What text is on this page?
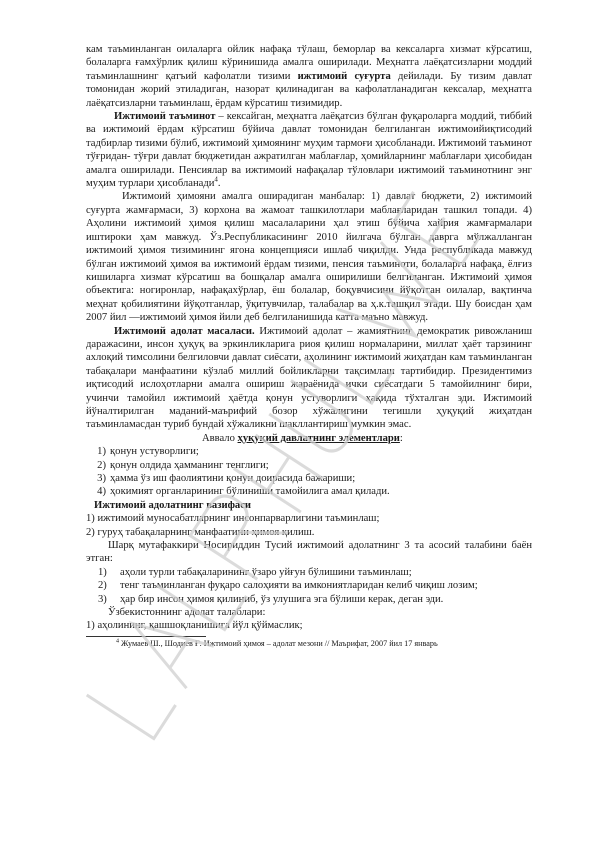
кам таъминланган оилаларга ойлик нафақа тўлаш, беморлар ва кексаларга хизмат кўрсатиш, болаларга ғамхўрлик қилиш кўринишида амалга оширилади. Меҳнатга лаёқатсизларни моддий таъминлашнинг қатъий кафолатли тизими ижтимоий суғурта дейилади. Бу тизим давлат томонидан жорий этиладиган, назорат қилинадиган ва кафолатланадиган кексалар, меҳнатга лаёқатсизларни таъминлаш, ёрдам кўрсатиш тизимидир.

Ижтимоий таъминот – кексайган, меҳнатга лаёқатсиз бўлган фуқароларга моддий, тиббий ва ижтимоий ёрдам кўрсатиш бўйича давлат томонидан белгиланган ижтимоийиқтисодий тадбирлар тизими бўлиб, ижтимоий ҳимоянинг муҳим тармоғи ҳисобланади. Ижтимоий таъминот тўғридан- тўғри давлат бюджетидан ажратилган маблағлар, ҳомийларнинг маблағлари ҳисобидан амалга оширилади. Пенсиялар ва ижтимоий нафақалар тўловлари ижтимоий таъминотнинг энг муҳим турлари ҳисобланади$^4$.

Ижтимоий ҳимояни амалга оширадиган манбалар: 1) давлат бюджети, 2) ижтимоий суғурта жамғармаси, 3) корхона ва жамоат ташкилотлари маблағларидан ташкил топади. 4) Аҳолини ижтимоий ҳимоя қилиш масалаларини ҳал этиш бўйича хайрия жамғармалари иштироки ҳам мавжуд. Ўз.Республикасининг 2010 йилгача бўлган даврга мўлжалланган ижтимоий ҳимоя тизимининг ягона концепцияси ишлаб чиқилди. Унда республикада мавжуд бўлган ижтимоий ҳимоя ва ижтимоий ёрдам тизими, пенсия таъминоти, болаларга нафақа, ёлғиз кишиларга хизмат кўрсатиш ва бошқалар амалга оширилиши белгиланган. Ижтимоий ҳимоя объектига: ногиронлар, нафақахўрлар, ёш болалар, боқувчисини йўқотган оилалар, вақтинча меҳнат қобилиятини йўқотганлар, ўқитувчилар, талабалар ва ҳ.к.ташқил этади. Шу боисдан ҳам 2007 йил —ижтимоий ҳимоя йили деб белгиланишида катта маъно мавжуд.

Ижтимоий адолат масаласи. Ижтимоий адолат – жамиятнинг демократик ривожланиш даражасини, инсон ҳуқуқ ва эркинликларига риоя қилиш нормаларини, миллат ҳаёт тарзининг ахлоқий тимсолини белгиловчи давлат сиёсати, аҳолининг ижтимоий жиҳатдан кам таъминланган табақалари манфаатини кўзлаб миллий бойликларни тақсимлаш тартибидир. Президентимиз иқтисодий ислоҳотларни амалга ошириш жараёнида ички сиёсатдаги 5 тамойилнинг бири, учинчи тамойил ижтимоий ҳаётда қонун устуворлиги ҳақида тўхталган эди. Ижтимоий йўналтирилган маданий-маърифий бозор хўжалигини тегишли ҳуқуқий жиҳатдан таъминламасдан туриб бундай хўжаликни шакллантириш мумкин эмас.

Аввало ҳуқуқий давлатнинг элементлари:

1) қонун устуворлиги;
2) қонун олдида ҳамманинг тенглиги;
3) ҳамма ўз иш фаолиятини қонун доирасида бажариши;
4) ҳокимият органларининг бўлиниши тамойилига амал қилади.

Ижтимоий адолатнинг вазифаси

1) ижтимоий муносабатларнинг инсонпарварлигини таъминлаш;

2) гуруҳ табақаларнинг манфаатини ҳимоя қилиш.

Шарқ мутафаккири Носириддин Тусий ижтимоий адолатнинг 3 та асосий талабини баён этган:

1) аҳоли турли табақаларининг ўзаро уйғун бўлишини таъминлаш;
2) тенг таъминланган фуқаро салоҳияти ва имкониятларидан келиб чиқиш лозим;
3) ҳар бир инсон ҳимоя қилиниб, ўз улушига эга бўлиши керак, деган эди.

Ўзбекистоннинг адолат талаблари:

1) аҳолининг, қашшоқланишига йўл қўймаслик;

$^4$ Жумаев Ш., Шодиев Ғ. Ижтимоий ҳимоя – адолат мезони // Маърифат, 2007 йил 17 январь
